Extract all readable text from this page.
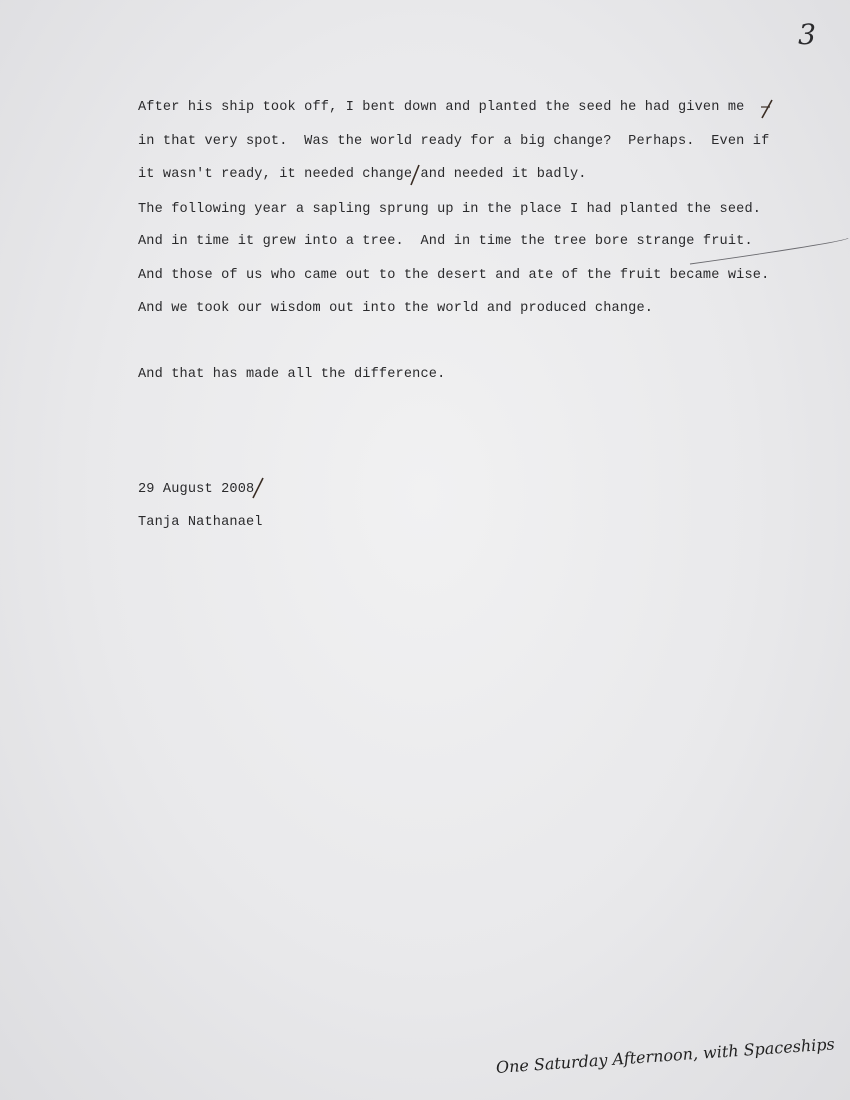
3
After his ship took off, I bent down and planted the seed he had given me
in that very spot.  Was the world ready for a big change?  Perhaps.  Even if
it wasn't ready, it needed change and needed it badly.
The following year a sapling sprung up in the place I had planted the seed.
And in time it grew into a tree.  And in time the tree bore strange fruit.
And those of us who came out to the desert and ate of the fruit became wise.
And we took our wisdom out into the world and produced change.
And that has made all the difference.
29 August 2008
Tanja Nathanael
One Saturday Afternoon, with Spaceships
